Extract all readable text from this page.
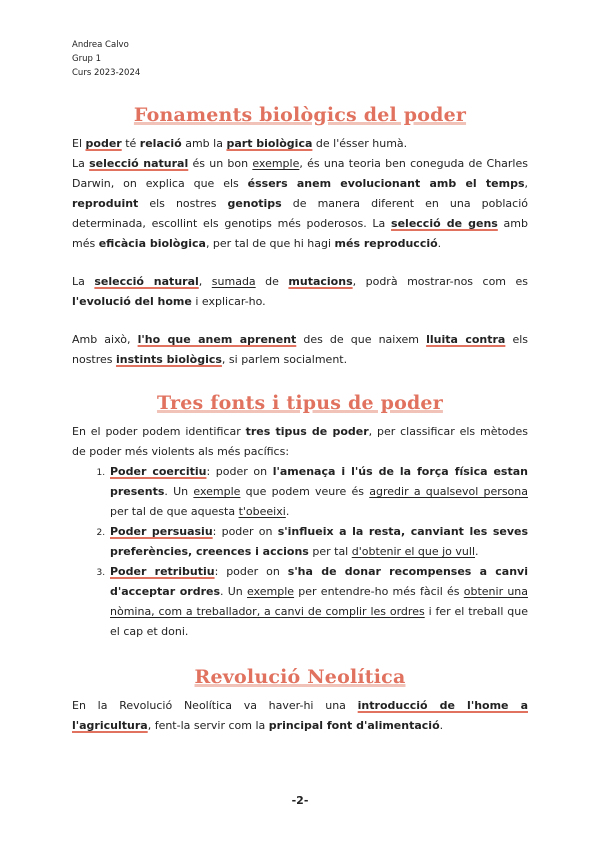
Andrea Calvo
Grup 1
Curs 2023-2024
Fonaments biològics del poder

El poder té relació amb la part biològica de l'ésser humà.

La selecció natural és un bon exemple, és una teoria ben coneguda de Charles Darwin, on explica que els éssers anem evolucionant amb el temps, reproduint els nostres genotips de manera diferent en una població determinada, escollint els genotips més poderosos. La selecció de gens amb més eficàcia biològica, per tal de que hi hagi més reproducció.

La selecció natural, sumada de mutacions, podrà mostrar-nos com es l'evolució del home i explicar-ho.

Amb això, l'ho que anem aprenent des de que naixem lluita contra els nostres instints biològics, si parlem socialment.

Tres fonts i tipus de poder

En el poder podem identificar tres tipus de poder, per classificar els mètodes de poder més violents als més pacífics:

1. Poder coercitiu: poder on l'amenaça i l'ús de la força física estan presents. Un exemple que podem veure és agredir a qualsevol persona per tal de que aquesta t'obeeixi.
2. Poder persuasiu: poder on s'influeix a la resta, canviant les seves preferències, creences i accions per tal d'obtenir el que jo vull.
3. Poder retributiu: poder on s'ha de donar recompenses a canvi d'acceptar ordres. Un exemple per entendre-ho més fàcil és obtenir una nòmina, com a treballador, a canvi de complir les ordres i fer el treball que el cap et doni.
Revolució Neolítica

En la Revolució Neolítica va haver-hi una introducció de l'home a l'agricultura, fent-la servir com la principal font d'alimentació.

-2-
